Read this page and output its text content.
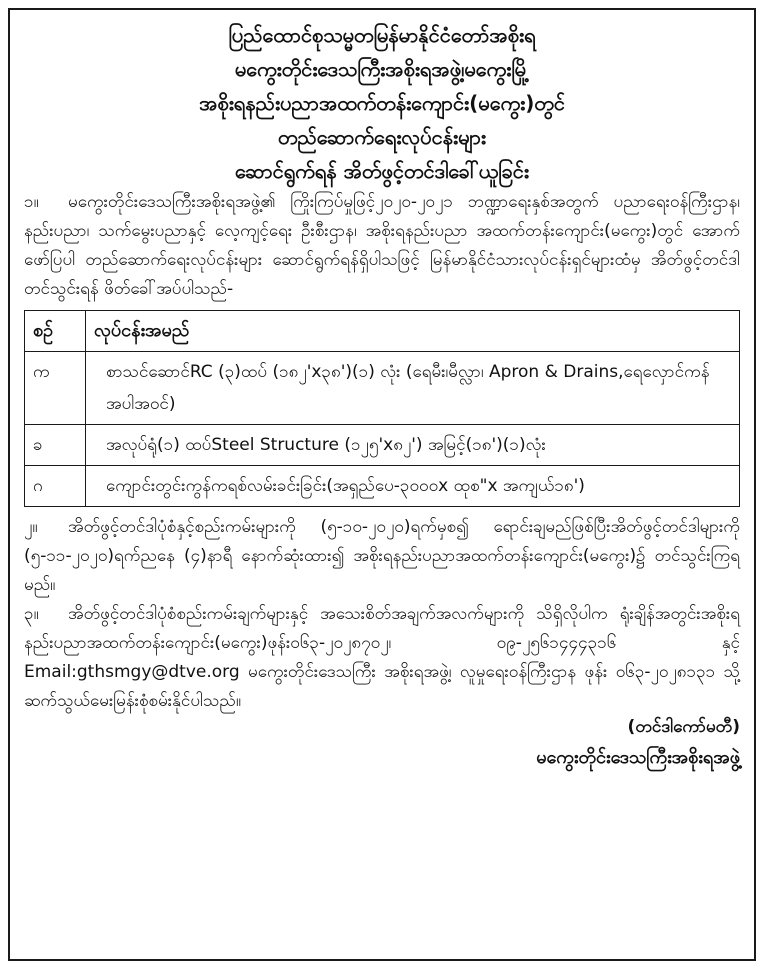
ပြည်ထောင်စုသမ္မတမြန်မာနိုင်ငံတော်အစိုးရ
မကွေးတိုင်းဒေသကြီးအစိုးရအဖွဲ့၊မကွေးမြို့
အစိုးရနည်းပညာအထက်တန်းကျောင်း(မကွေး)တွင်
တည်ဆောက်ရေးလုပ်ငန်းများ
ဆောင်ရွက်ရန် အိတ်ဖွင့်တင်ဒါခေါ်ယူခြင်း

၁။ မကွေးတိုင်းဒေသကြီးအစိုးရအဖွဲ့၏ ကြိုးကြပ်မှုဖြင့်၂၀၂၀-၂၀၂၁ ဘဏ္ဍာရေးနှစ်အတွက် ပညာရေးဝန်ကြီးဌာန၊ နည်းပညာ၊ သက်မွေးပညာနှင့် လေ့ကျင့်ရေး ဦးစီးဌာန၊ အစိုးရနည်းပညာ အထက်တန်းကျောင်း(မကွေး)တွင် အောက်ဖော်ပြပါ တည်ဆောက်ရေးလုပ်ငန်းများ ဆောင်ရွက်ရန်ရှိပါသဖြင့် မြန်မာနိုင်ငံသားလုပ်ငန်းရှင်များထံမှ အိတ်ဖွင့်တင်ဒါတင်သွင်းရန် ဖိတ်ခေါ်အပ်ပါသည်-

စဉ်	လုပ်ငန်းအမည်
က	စာသင်ဆောင်RC (၃)ထပ် (၁၈၂'x၃၈')(၁) လုံး (ရေမီး၊မီလ္လာ၊ Apron & Drains,ရေလှောင်ကန်အပါအဝင်)
ခ	အလုပ်ရုံ(၁) ထပ်Steel Structure (၁၂၅'x၈၂') အမြင့်(၁၈')(၁)လုံး
ဂ	ကျောင်းတွင်းကွန်ကရစ်လမ်းခင်းခြင်း(အရှည်ပေ-၃၀၀၀x ထုစ"x အကျယ်၁၈')

၂။ အိတ်ဖွင့်တင်ဒါပုံစံနှင့်စည်းကမ်းများကို (၅-၁၀-၂၀၂၀)ရက်မှစ၍ ရောင်းချမည်ဖြစ်ပြီးအိတ်ဖွင့်တင်ဒါများကို (၅-၁၁-၂၀၂၀)ရက်ညနေ (၄)နာရီ နောက်ဆုံးထား၍ အစိုးရနည်းပညာအထက်တန်းကျောင်း(မကွေး)၌ တင်သွင်းကြရမည်။

၃။ အိတ်ဖွင့်တင်ဒါပုံစံစည်းကမ်းချက်များနှင့် အသေးစိတ်အချက်အလက်များကို သိရှိလိုပါက ရုံးချိန်အတွင်းအစိုးရနည်းပညာအထက်တန်းကျောင်း(မကွေး)ဖုန်း၀၆၃-၂၀၂၈၇၀၂၊ ၀၉-၂၅၆၁၄၄၄၃၁၆ နှင့် Email:gthsmgy@dtve.org မကွေးတိုင်းဒေသကြီး အစိုးရအဖွဲ့၊ လူမှုရေးဝန်ကြီးဌာန ဖုန်း ၀၆၃-၂၀၂၈၁၃၁ သို့ ဆက်သွယ်မေးမြန်းစုံစမ်းနိုင်ပါသည်။

(တင်ဒါကော်မတီ)
မကွေးတိုင်းဒေသကြီးအစိုးရအဖွဲ့
